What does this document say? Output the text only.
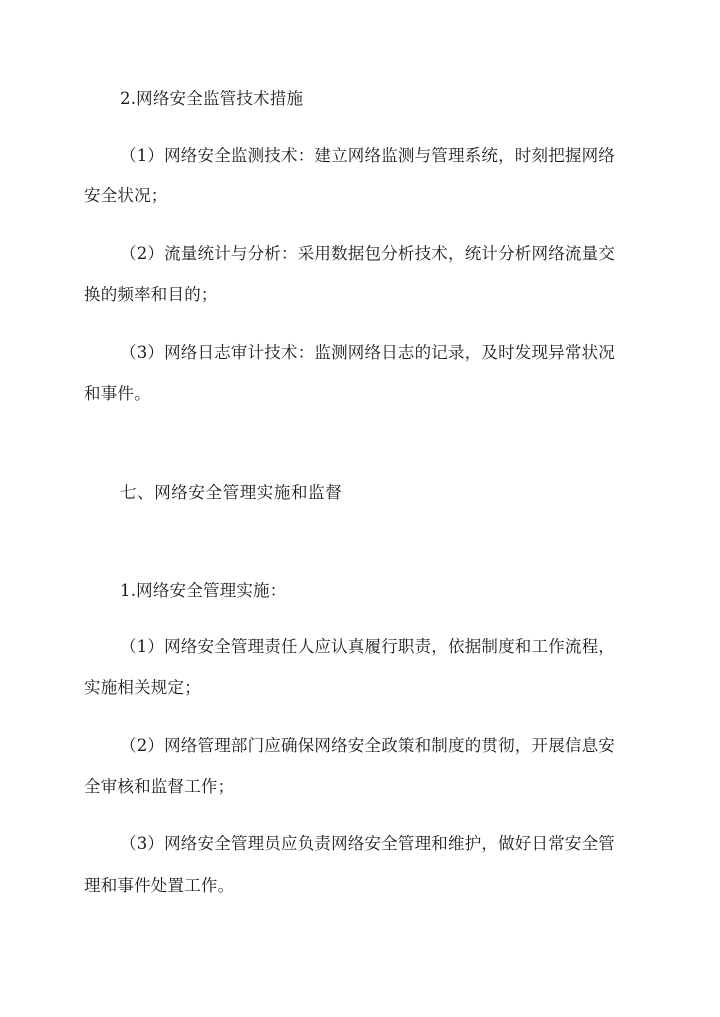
2.网络安全监管技术措施
（1）网络安全监测技术：建立网络监测与管理系统，时刻把握网络
安全状况；
（2）流量统计与分析：采用数据包分析技术，统计分析网络流量交
换的频率和目的；
（3）网络日志审计技术：监测网络日志的记录，及时发现异常状况
和事件。
七、网络安全管理实施和监督
1.网络安全管理实施：
（1）网络安全管理责任人应认真履行职责，依据制度和工作流程，
实施相关规定；
（2）网络管理部门应确保网络安全政策和制度的贯彻，开展信息安
全审核和监督工作；
（3）网络安全管理员应负责网络安全管理和维护，做好日常安全管
理和事件处置工作。
